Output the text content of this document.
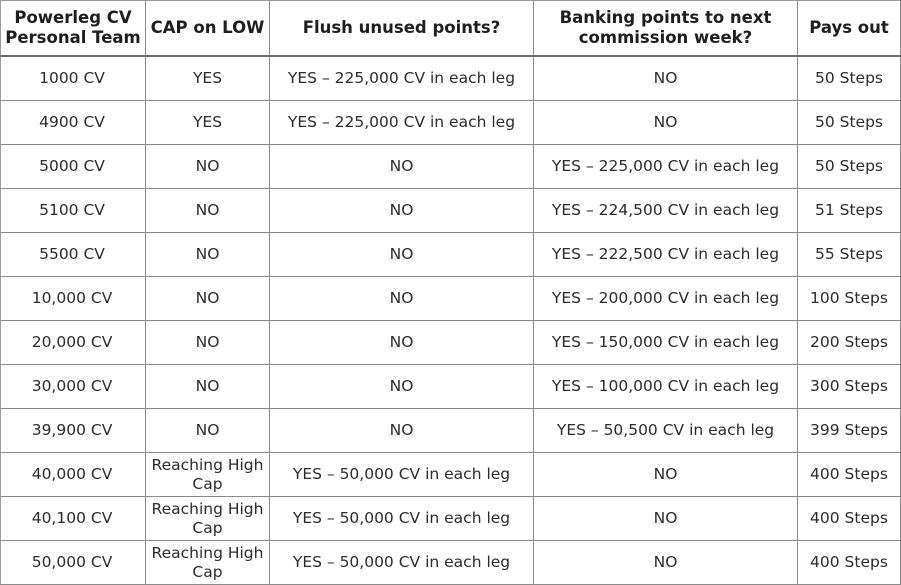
Powerleg CV Personal Team	CAP on LOW	Flush unused points?	Banking points to next commission week?	Pays out
1000 CV	YES	YES – 225,000 CV in each leg	NO	50 Steps
4900 CV	YES	YES – 225,000 CV in each leg	NO	50 Steps
5000 CV	NO	NO	YES – 225,000 CV in each leg	50 Steps
5100 CV	NO	NO	YES – 224,500 CV in each leg	51 Steps
5500 CV	NO	NO	YES – 222,500 CV in each leg	55 Steps
10,000 CV	NO	NO	YES – 200,000 CV in each leg	100 Steps
20,000 CV	NO	NO	YES – 150,000 CV in each leg	200 Steps
30,000 CV	NO	NO	YES – 100,000 CV in each leg	300 Steps
39,900 CV	NO	NO	YES – 50,500 CV in each leg	399 Steps
40,000 CV	Reaching High Cap	YES – 50,000 CV in each leg	NO	400 Steps
40,100 CV	Reaching High Cap	YES – 50,000 CV in each leg	NO	400 Steps
50,000 CV	Reaching High Cap	YES – 50,000 CV in each leg	NO	400 Steps
